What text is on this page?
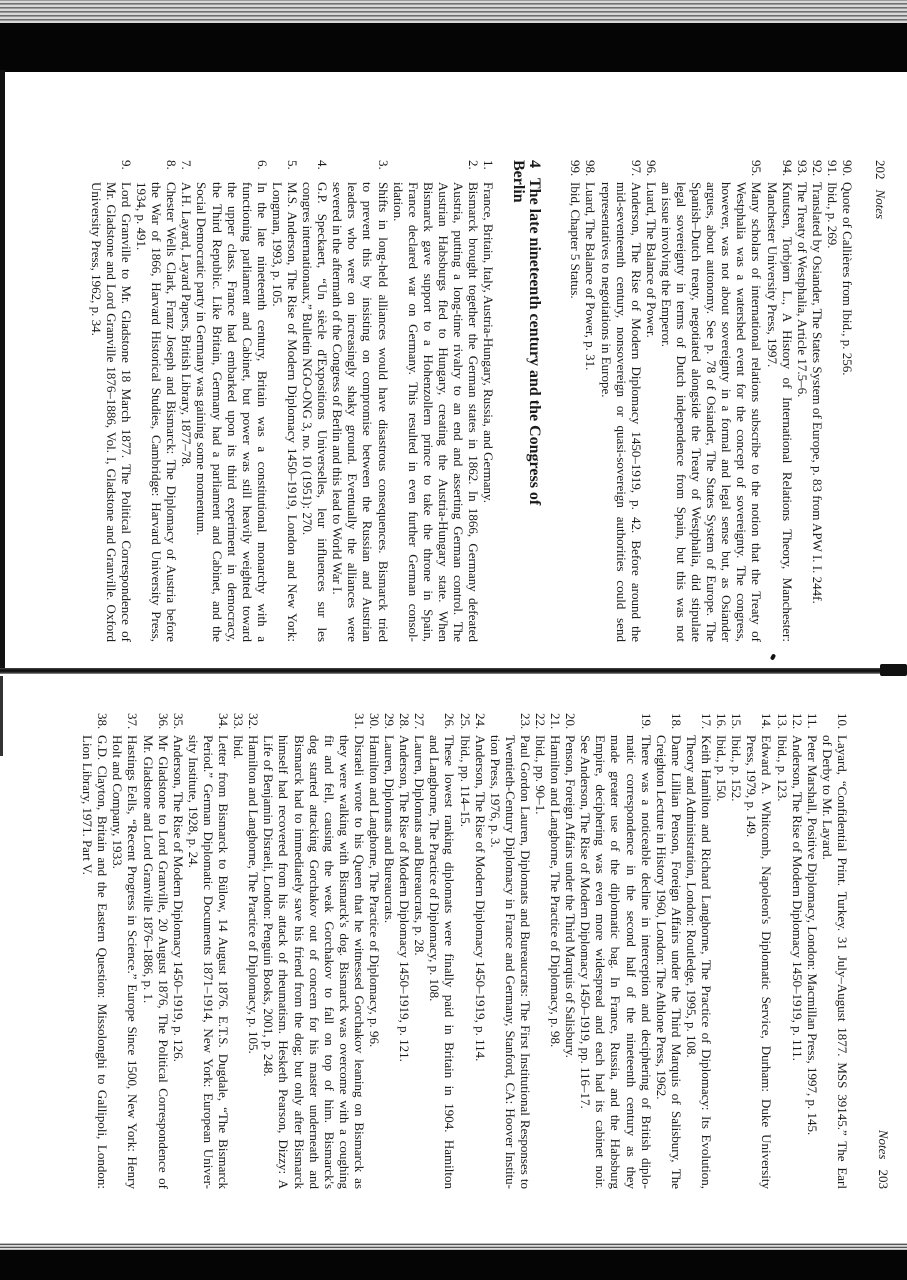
202Notes
90.
Quote of Callières from Ibid., p. 256.
91.
Ibid., p. 269.
92.
Translated by Osiander, The States System of Europe, p. 83 from APW I. I. 244f.
93.
The Treaty of Westphalia, Article 17.5–6.
94.
Knutsen, Torbjørn L., A History of International Relations Theory, Manchester:
Manchester University Press, 1997.
95.
Many scholars of international relations subscribe to the notion that the Treaty of
Westphalia was a watershed event for the concept of sovereignty. The congress,
however, was not about sovereignty in a formal and legal sense but, as Osiander
argues, about autonomy. See p. 78 of Osiander, The States System of Europe. The
Spanish–Dutch treaty, negotiated alongside the Treaty of Westphalia, did stipulate
legal sovereignty in terms of Dutch independence from Spain, but this was not
an issue involving the Emperor.
96.
Luard, The Balance of Power.
97.
Anderson, The Rise of Modern Diplomacy 1450–1919, p. 42. Before around the
mid-seventeenth century, nonsovereign or quasi-sovereign authorities could send
representatives to negotiations in Europe.
98.
Luard, The Balance of Power, p. 31.
99.
Ibid, Chapter 5 Status.
4The late nineteenth century and the Congress of
Berlin
1.
France, Britain, Italy, Austria-Hungary, Russia, and Germany.
2.
Bismarck brought together the German states in 1862. In 1866, Germany defeated
Austria, putting a long-time rivalry to an end and asserting German control. The
Austrian Habsburgs fled to Hungary, creating the Austria-Hungary state. When
Bismarck gave support to a Hohenzollern prince to take the throne in Spain,
France declared war on Germany. This resulted in even further German consol-
idation.
3.
Shifts in long-held alliances would have disastrous consequences. Bismarck tried
to prevent this by insisting on compromise between the Russian and Austrian
leaders who were on increasingly shaky ground. Eventually the alliances were
severed in the aftermath of the Congress of Berlin and this lead to World War I.
4.
G.P. Speckaert, “Un siècle d'Expositions Universelles, leur influences sur les
congres internationaux,” Bulletin NGO-ONG 3, no. 10 (1951): 270.
5.
M.S. Anderson, The Rise of Modern Diplomacy 1450–1919, London and New York:
Longman, 1993, p. 105.
6.
In the late nineteenth century, Britain was a constitutional monarchy with a
functioning parliament and Cabinet, but power was still heavily weighted toward
the upper class. France had embarked upon its third experiment in democracy,
the Third Republic. Like Britain, Germany had a parliament and Cabinet, and the
Social Democratic party in Germany was gaining some momentum.
7.
A.H. Layard, Layard Papers, British Library, 1877–78.
8.
Chester Wells Clark, Franz Joseph and Bismarck: The Diplomacy of Austria before
the War of 1866, Harvard Historical Studies, Cambridge: Harvard University Press,
1934, p. 491.
9.
Lord Granville to Mr. Gladstone 18 March 1877. The Political Correspondence of
Mr. Gladstone and Lord Granville 1876–1886, Vol. I, Gladstone and Granville. Oxford
University Press, 1962, p. 34.
Notes203
10.
Layard, “Confidential Print. Turkey. 31 July–August 1877. MSS 39145.” The Earl
of Derby to Mr. Layard.
11.
Peter Marshall, Positive Diplomacy, London: Macmillan Press, 1997, p. 145.
12.
Anderson, The Rise of Modern Diplomacy 1450–1919, p. 111.
13.
Ibid., p. 123.
14.
Edward A. Whitcomb, Napoleon's Diplomatic Service, Durham: Duke University
Press, 1979, p. 149.
15.
Ibid., p. 152.
16.
Ibid., p. 150.
17.
Keith Hamilton and Richard Langhorne, The Practice of Diplomacy: Its Evolution,
Theory and Administration, London: Routledge, 1995, p. 108.
18.
Dame Lillian Penson, Foreign Affairs under the Third Marquis of Salisbury, The
Creighton Lecture in History 1960, London: The Athlone Press, 1962.
19.
There was a noticeable decline in interception and deciphering of British diplo-
matic correspondence in the second half of the nineteenth century as they
made greater use of the diplomatic bag. In France, Russia, and the Habsburg
Empire, deciphering was even more widespread and each had its cabinet noir.
See Anderson, The Rise of Modern Diplomacy 1450–1919, pp. 116–17.
20.
Penson, Foreign Affairs under the Third Marquis of Salisbury.
21.
Hamilton and Langhorne, The Practice of Diplomacy, p. 98.
22.
Ibid., pp. 90–1.
23.
Paul Gordon Lauren, Diplomats and Bureaucrats: The First Institutional Responses to
Twentieth-Century Diplomacy in France and Germany, Stanford, CA: Hoover Institu-
tion Press, 1976, p. 3.
24.
Anderson, The Rise of Modern Diplomacy 1450–1919, p. 114.
25.
Ibid., pp. 114–15.
26.
These lowest ranking diplomats were finally paid in Britain in 1904. Hamilton
and Langhorne, The Practice of Diplomacy, p. 108.
27.
Lauren, Diplomats and Bureaucrats, p. 28.
28.
Anderson, The Rise of Modern Diplomacy 1450–1919, p. 121.
29.
Lauren, Diplomats and Bureaucrats.
30.
Hamilton and Langhorne, The Practice of Diplomacy, p. 96.
31.
Disraeli wrote to his Queen that he witnessed Gorchakov leaning on Bismarck as
they were walking with Bismarck's dog. Bismarck was overcome with a coughing
fit and fell, causing the weak Gorchakov to fall on top of him. Bismarck's
dog started attacking Gorchakov out of concern for his master underneath and
Bismarck had to immediately save his friend from the dog; but only after Bismarck
himself had recovered from his attack of rheumatism. Hesketh Pearson, Dizzy: A
Life of Benjamin Disraeli, London: Penguin Books, 2001, p. 248.
32.
Hamilton and Langhorne, The Practice of Diplomacy, p. 105.
33.
Ibid.
34.
Letter from Bismarck to Bülow, 14 August 1876. E.T.S. Dugdale, “The Bismarck
Period.” German Diplomatic Documents 1871–1914, New York: European Univer-
sity Institute, 1928, p. 24.
35.
Anderson, The Rise of Modern Diplomacy 1450–1919, p. 126.
36.
Mr Gladstone to Lord Granville, 20 August 1876, The Political Correspondence of
Mr. Gladstone and Lord Granville 1876–1886, p. 1.
37.
Hastings Eells, “Recent Progress in Science.” Europe Since 1500, New York: Henry
Holt and Company, 1933.
38.
G.D. Clayton, Britain and the Eastern Question: Missolonghi to Gallipoli, London:
Lion Library, 1971. Part V.
